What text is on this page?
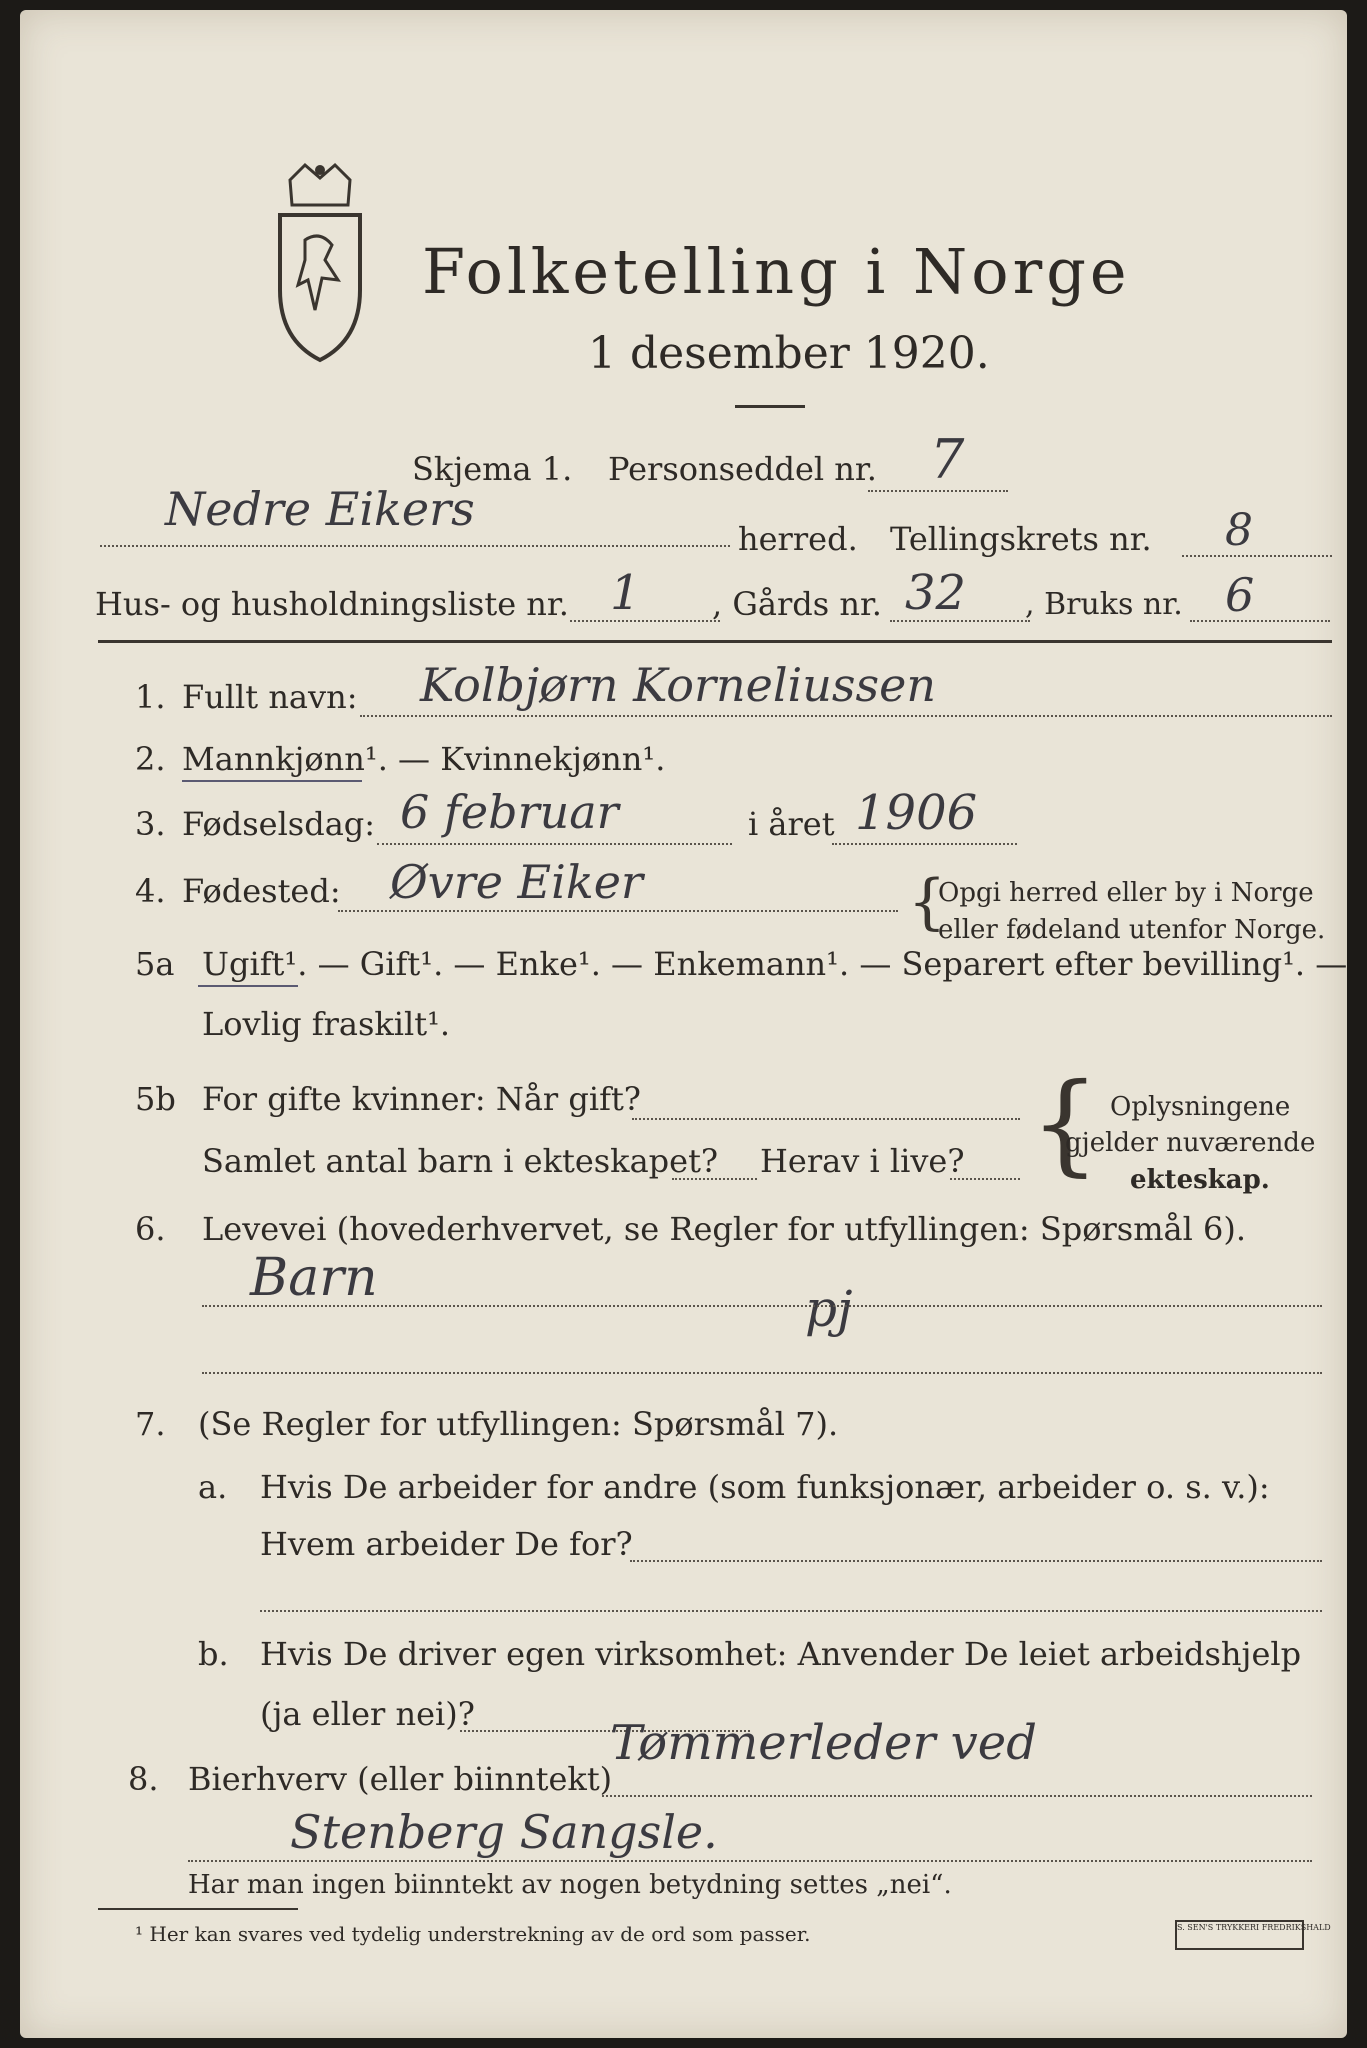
Folketelling i Norge
1 desember 1920.
Skjema 1. Personseddel nr. 7
Nedre Eikers
herred. Tellingskrets nr. 8
Hus- og husholdningsliste nr. 1 , Gårds nr. 32 , Bruks nr. 6
1. Fullt navn: Kolbjørn Korneliussen
2. Mannkjønn¹. — Kvinnekjønn¹.
3. Fødselsdag: 6 februar	i året 1906
4. Fødested: Øvre Eiker	{
Opgi herred eller by i Norge
eller fødeland utenfor Norge.
5a Ugift¹. — Gift¹. — Enke¹. — Enkemann¹. — Separert efter bevilling¹. —
Lovlig fraskilt¹.
5b For gifte kvinner: Når gift?
Samlet antal barn i ekteskapet? Herav i live? { Oplysningene
gjelder nuværende
ekteskap.
6. Levevei (hovederhvervet, se Regler for utfyllingen: Spørsmål 6).
Barn
pj
7. (Se Regler for utfyllingen: Spørsmål 7).
a. Hvis De arbeider for andre (som funksjonær, arbeider o. s. v.):
Hvem arbeider De for?
b. Hvis De driver egen virksomhet: Anvender De leiet arbeidshjelp
(ja eller nei)?
8. Bierhverv (eller biinntekt)
Tømmerleder ved
Stenberg Sangsle.
Har man ingen biinntekt av nogen betydning settes „nei“.
¹ Her kan svares ved tydelig understrekning av de ord som passer.	S. SEN'S TRYKKERI FREDRIKSHALD
